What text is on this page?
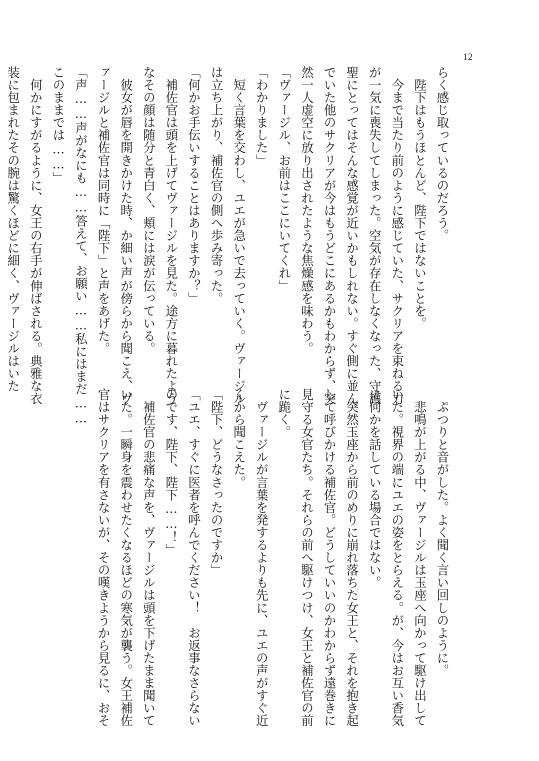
12
らく感じ取っているのだろう。
　陛下はもうほとんど、陛下ではないことを。
　今まで当たり前のように感じていた、サクリアを束ねる力
が一気に喪失してしまった。空気が存在しなくなった、守護
聖にとってはそんな感覚が近いかもしれない。すぐ側に並ん
でいた他のサクリアが今はもうどこにあるかもわからず、突
然一人虚空に放り出されたような焦燥感を味わう。
「ヴァージル、お前はここにいてくれ」
「わかりました」
　短く言葉を交わし、ユエが急いで去っていく。ヴァージル
は立ち上がり、補佐官の側へ歩み寄った。
「何かお手伝いすることはありますか？」
　補佐官は頭を上げてヴァージルを見た。途方に暮れたよう
なその顔は随分と青白く、頬には涙が伝っている。
　彼女が唇を開きかけた時、か細い声が傍らから聞こえ、ヴ
ァージルと補佐官は同時に「陛下」と声をあげた。
「声……声がなにも……答えて、お願い……私にはまだ……
このままでは……」
　何かにすがるように、女王の右手が伸ばされる。典雅な衣
装に包まれたその腕は驚くほどに細く、ヴァージルはいた
　ぷつりと音がした。よく聞く言い回しのように。
　悲鳴が上がる中、ヴァージルは玉座へ向かって駆け出して
いた。視界の端にユエの姿をとらえる。が、今はお互い香気
に何かを話している場合ではない。
　突然玉座から前のめりに崩れ落ちた女王と、それを抱き起
して呼びかける補佐官。どうしていいのかわからず遠巻きに
見守る女官たち。それらの前へ駆けつけ、女王と補佐官の前
に跪く。
　ヴァージルが言葉を発するよりも先に、ユエの声がすぐ近
くから聞こえた。
「陛下、どうなさったのですか」
「ユエ、すぐに医者を呼んでください！　お返事なさらない
のです、陛下、陛下……！」
　補佐官の悲痛な声を、ヴァージルは頭を下げたまま聞いて
いた。一瞬身を震わせたくなるほどの寒気が襲う。女王補佐
官はサクリアを有さないが、その嘆きようから見るに、おそ
